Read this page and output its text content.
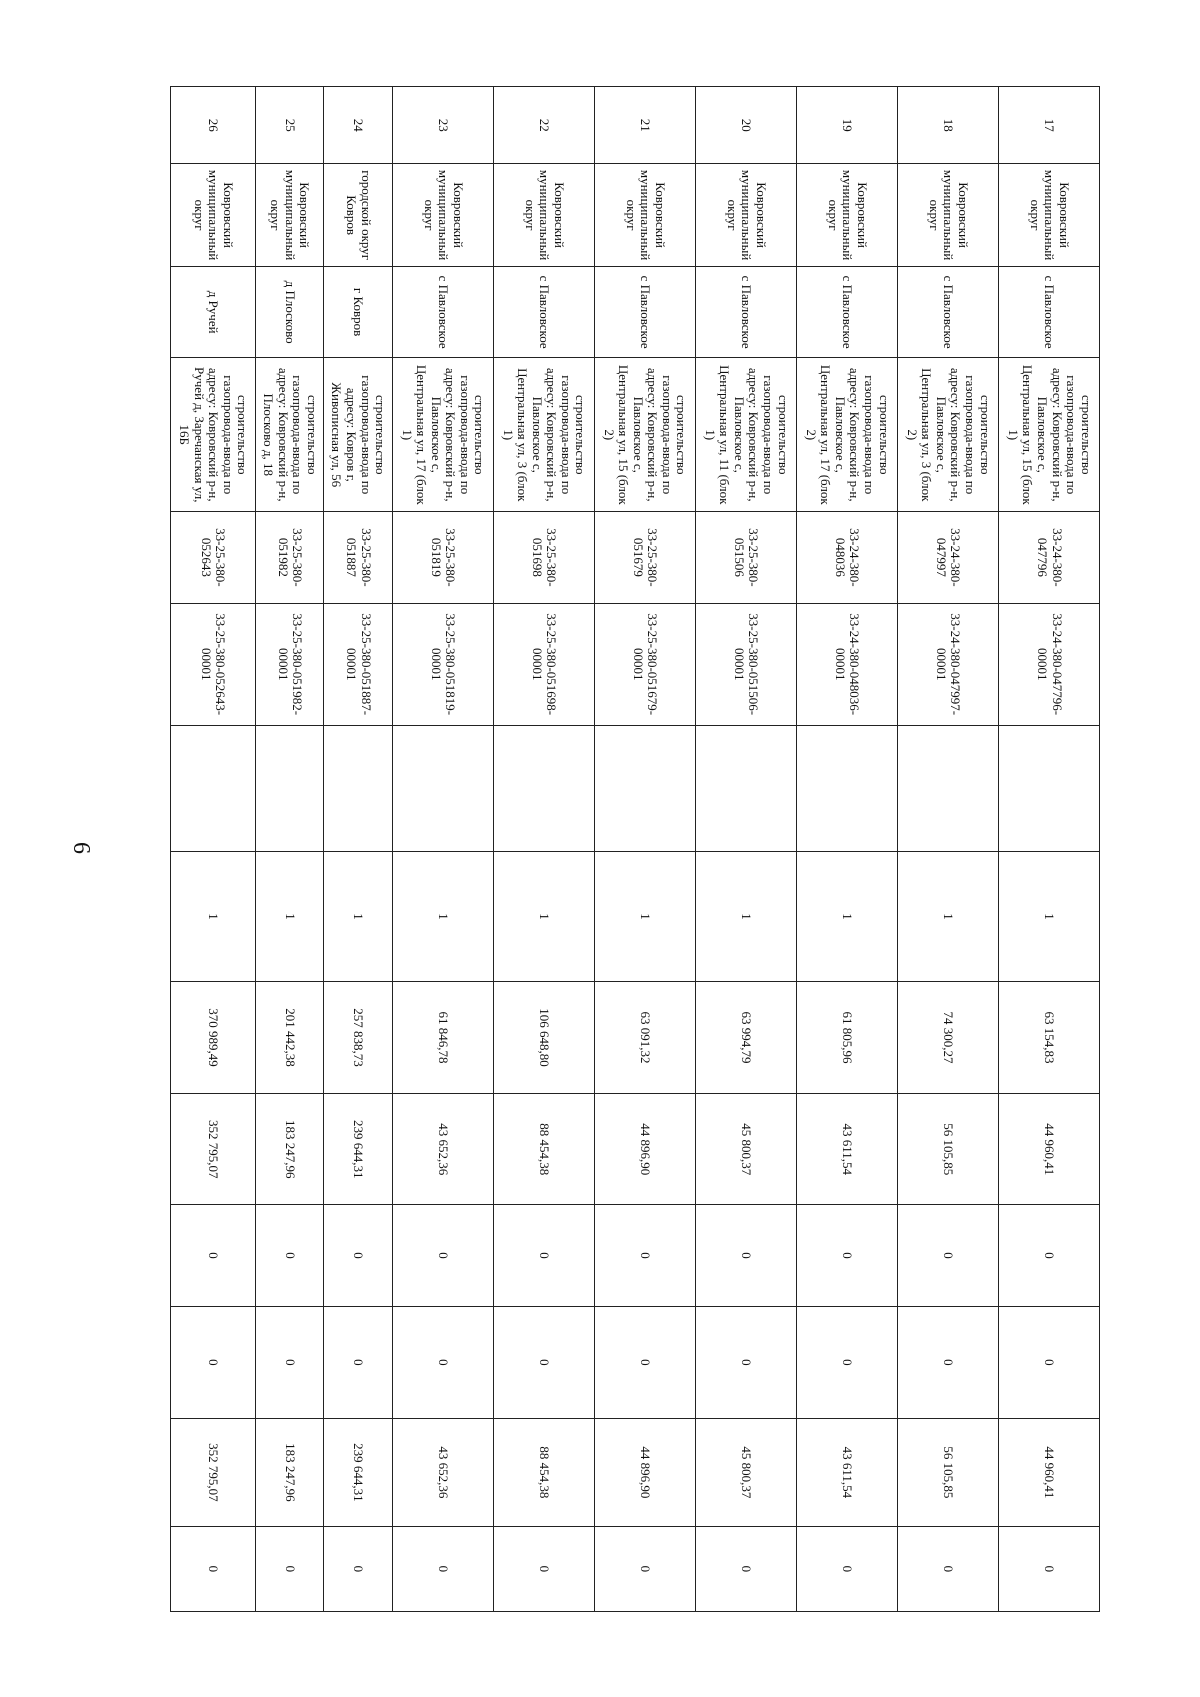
6
17	Ковровский муниципальный округ	с Павловское	строительство газопровода-ввода по адресу: Ковровский р-н, Павловское с, Центральная ул, 15 (блок 1)	33-24-380-047796	33-24-380-047796-00001		1	63 154,83	44 960,41	0	0	44 960,41	0
18	Ковровский муниципальный округ	с Павловское	строительство газопровода-ввода по адресу: Ковровский р-н, Павловское с, Центральная ул, 3 (блок 2)	33-24-380-047997	33-24-380-047997-00001		1	74 300,27	56 105,85	0	0	56 105,85	0
19	Ковровский муниципальный округ	с Павловское	строительство газопровода-ввода по адресу: Ковровский р-н, Павловское с, Центральная ул, 17 (блок 2)	33-24-380-048036	33-24-380-048036-00001		1	61 805,96	43 611,54	0	0	43 611,54	0
20	Ковровский муниципальный округ	с Павловское	строительство газопровода-ввода по адресу: Ковровский р-н, Павловское с, Центральная ул, 11 (блок 1)	33-25-380-051506	33-25-380-051506-00001		1	63 994,79	45 800,37	0	0	45 800,37	0
21	Ковровский муниципальный округ	с Павловское	строительство газопровода-ввода по адресу: Ковровский р-н, Павловское с, Центральная ул, 15 (блок 2)	33-25-380-051679	33-25-380-051679-00001		1	63 091,32	44 896,90	0	0	44 896,90	0
22	Ковровский муниципальный округ	с Павловское	строительство газопровода-ввода по адресу: Ковровский р-н, Павловское с, Центральная ул, 3 (блок 1)	33-25-380-051698	33-25-380-051698-00001		1	106 648,80	88 454,38	0	0	88 454,38	0
23	Ковровский муниципальный округ	с Павловское	строительство газопровода-ввода по адресу: Ковровский р-н, Павловское с, Центральная ул, 17 (блок 1)	33-25-380-051819	33-25-380-051819-00001		1	61 846,78	43 652,36	0	0	43 652,36	0
24	городской округ Ковров	г Ковров	строительство газопровода-ввода по адресу: Ковров г, Живописная ул, 56	33-25-380-051887	33-25-380-051887-00001		1	257 838,73	239 644,31	0	0	239 644,31	0
25	Ковровский муниципальный округ	д Плосково	строительство газопровода-ввода по адресу: Ковровский р-н, Плосково д, 18	33-25-380-051982	33-25-380-051982-00001		1	201 442,38	183 247,96	0	0	183 247,96	0
26	Ковровский муниципальный округ	д Ручей	строительство газопровода-ввода по адресу: Ковровский р-н, Ручей д, Заречанская ул, 16Б	33-25-380-052643	33-25-380-052643-00001		1	370 989,49	352 795,07	0	0	352 795,07	0
